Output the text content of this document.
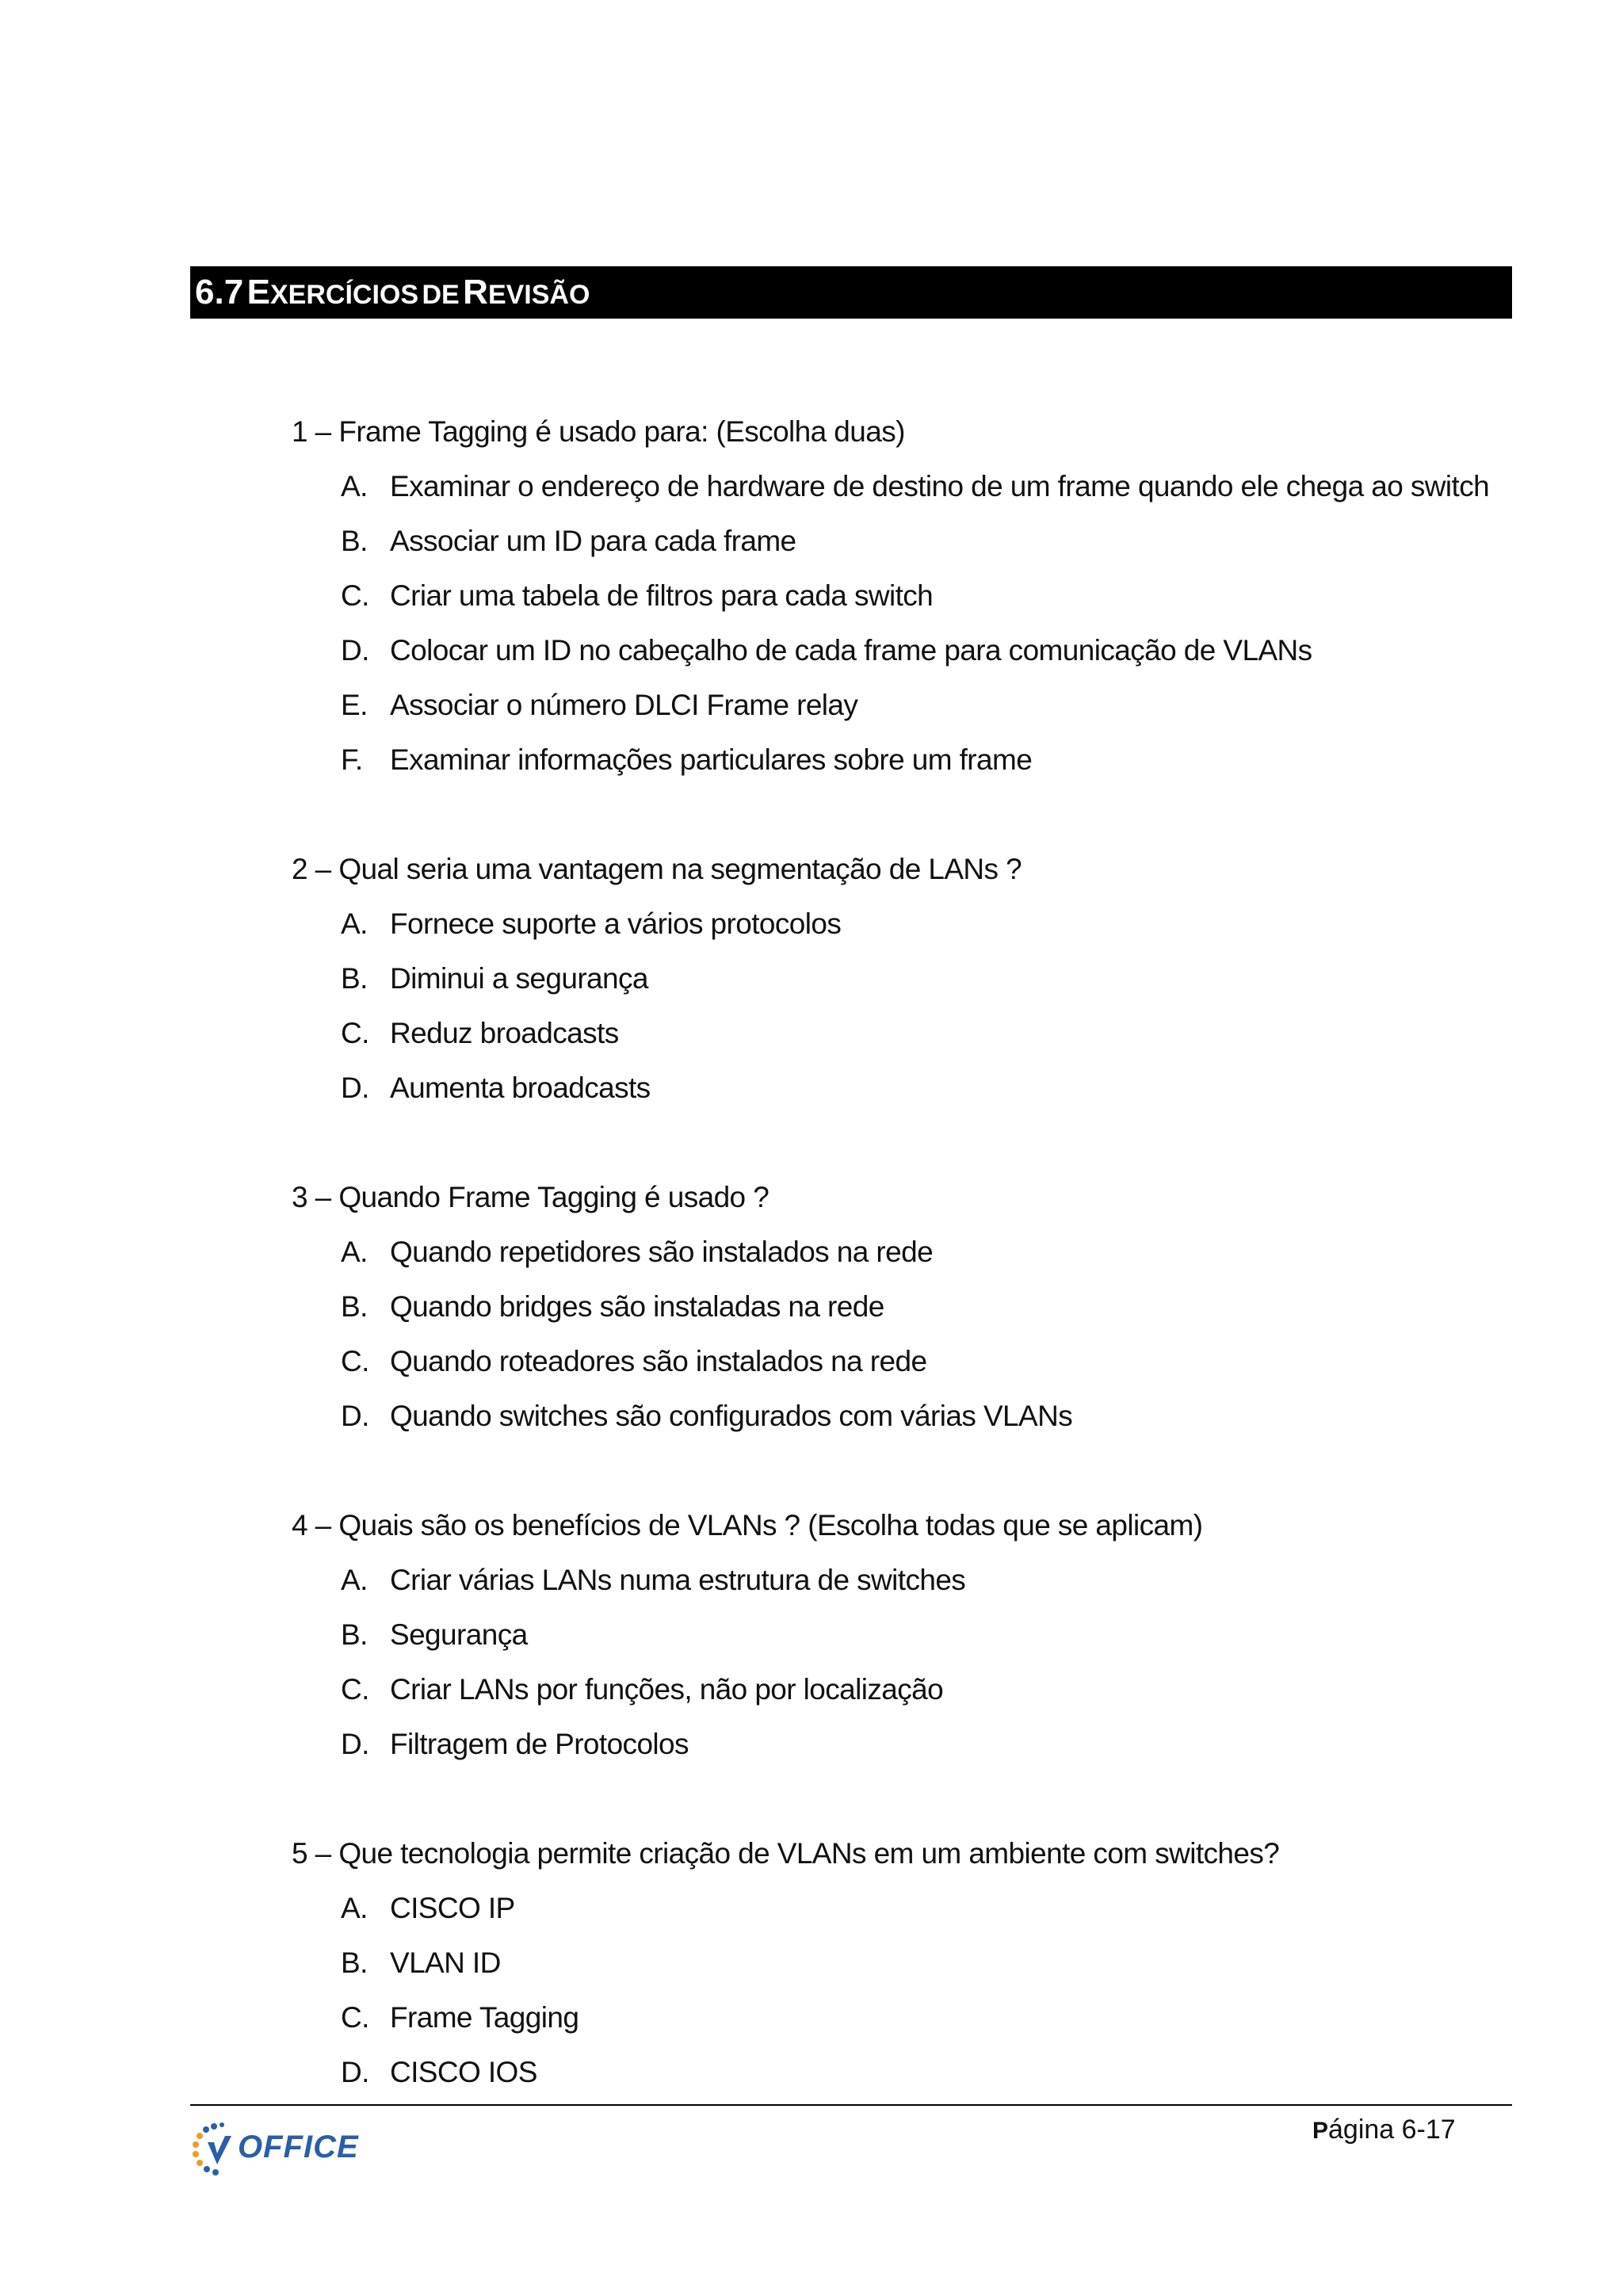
6.7 EXERCÍCIOS DE REVISÃO
1 – Frame Tagging é usado para: (Escolha duas)
A. Examinar o endereço de hardware de destino de um frame quando ele chega ao switch
B. Associar um ID para cada frame
C. Criar uma tabela de filtros para cada switch
D. Colocar um ID no cabeçalho de cada frame para comunicação de VLANs
E. Associar o número DLCI Frame relay
F. Examinar informações particulares sobre um frame
2 – Qual seria uma vantagem na segmentação de LANs ?
A. Fornece suporte a vários protocolos
B. Diminui a segurança
C. Reduz broadcasts
D. Aumenta broadcasts
3 – Quando Frame Tagging é usado ?
A. Quando repetidores são instalados na rede
B. Quando bridges são instaladas na rede
C. Quando roteadores são instalados na rede
D. Quando switches são configurados com várias VLANs
4 – Quais são os benefícios de VLANs ? (Escolha todas que se aplicam)
A. Criar várias LANs numa estrutura de switches
B. Segurança
C. Criar LANs por funções, não por localização
D. Filtragem de Protocolos
5 – Que tecnologia permite criação de VLANs em um ambiente com switches?
A. CISCO IP
B. VLAN ID
C. Frame Tagging
D. CISCO IOS
OFFICE	Página 6-17
